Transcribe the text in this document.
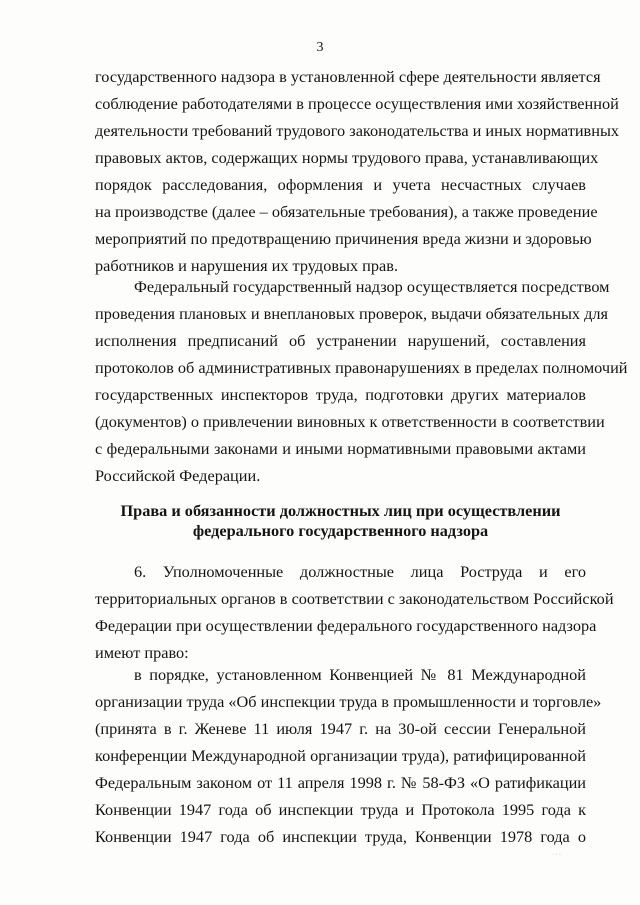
3
государственного надзора в установленной сфере деятельности является
соблюдение работодателями в процессе осуществления ими хозяйственной
деятельности требований трудового законодательства и иных нормативных
правовых актов, содержащих нормы трудового права, устанавливающих
порядок расследования, оформления и учета несчастных случаев
на производстве (далее – обязательные требования), а также проведение
мероприятий по предотвращению причинения вреда жизни и здоровью
работников и нарушения их трудовых прав.
Федеральный государственный надзор осуществляется посредством
проведения плановых и внеплановых проверок, выдачи обязательных для
исполнения предписаний об устранении нарушений, составления
протоколов об административных правонарушениях в пределах полномочий
государственных инспекторов труда, подготовки других материалов
(документов) о привлечении виновных к ответственности в соответствии
с федеральными законами и иными нормативными правовыми актами
Российской Федерации.
Права и обязанности должностных лиц при осуществлении
федерального государственного надзора
6. Уполномоченные должностные лица Роструда и его
территориальных органов в соответствии с законодательством Российской
Федерации при осуществлении федерального государственного надзора
имеют право:
в порядке, установленном Конвенцией № 81 Международной
организации труда «Об инспекции труда в промышленности и торговле»
(принята в г. Женеве 11 июля 1947 г. на 30-ой сессии Генеральной
конференции Международной организации труда), ратифицированной
Федеральным законом от 11 апреля 1998 г. № 58-ФЗ «О ратификации
Конвенции 1947 года об инспекции труда и Протокола 1995 года к
Конвенции 1947 года об инспекции труда, Конвенции 1978 года о
· · ·
